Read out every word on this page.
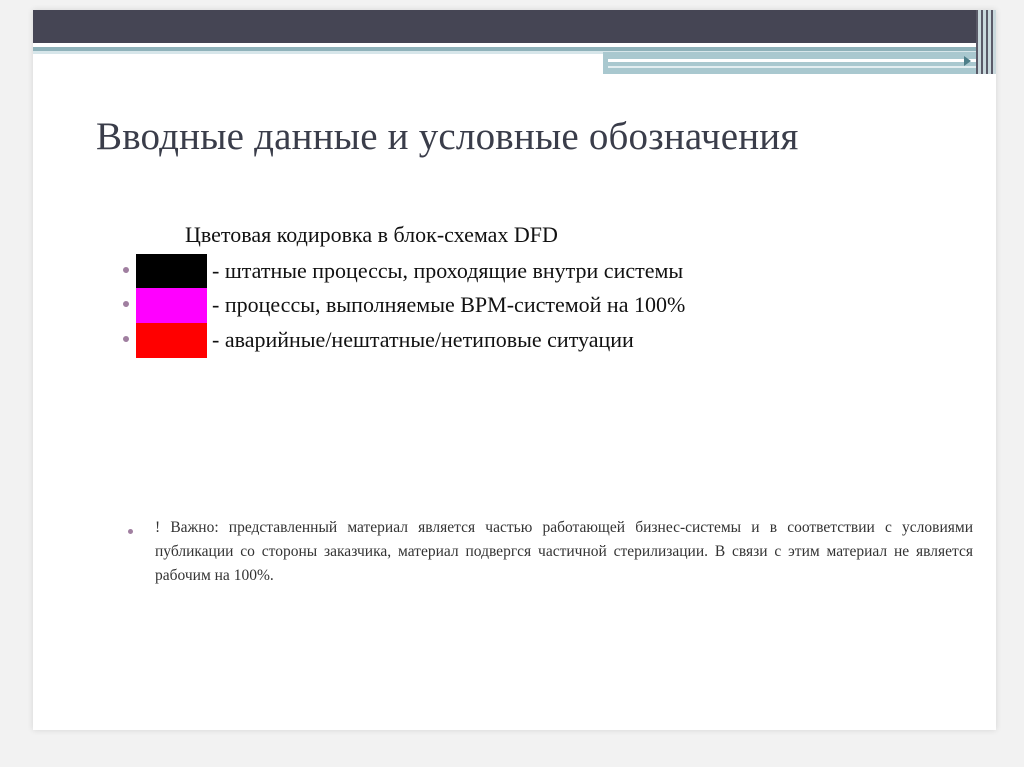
Вводные данные и условные обозначения

Цветовая кодировка в блок-схемах DFD

- штатные процессы, проходящие внутри системы
- процессы, выполняемые BPM-системой на 100%
- аварийные/нештатные/нетиповые ситуации

! Важно: представленный материал является частью работающей бизнес-системы и в соответствии с условиями публикации со стороны заказчика, материал подвергся частичной стерилизации. В связи с этим материал не является рабочим на 100%.
